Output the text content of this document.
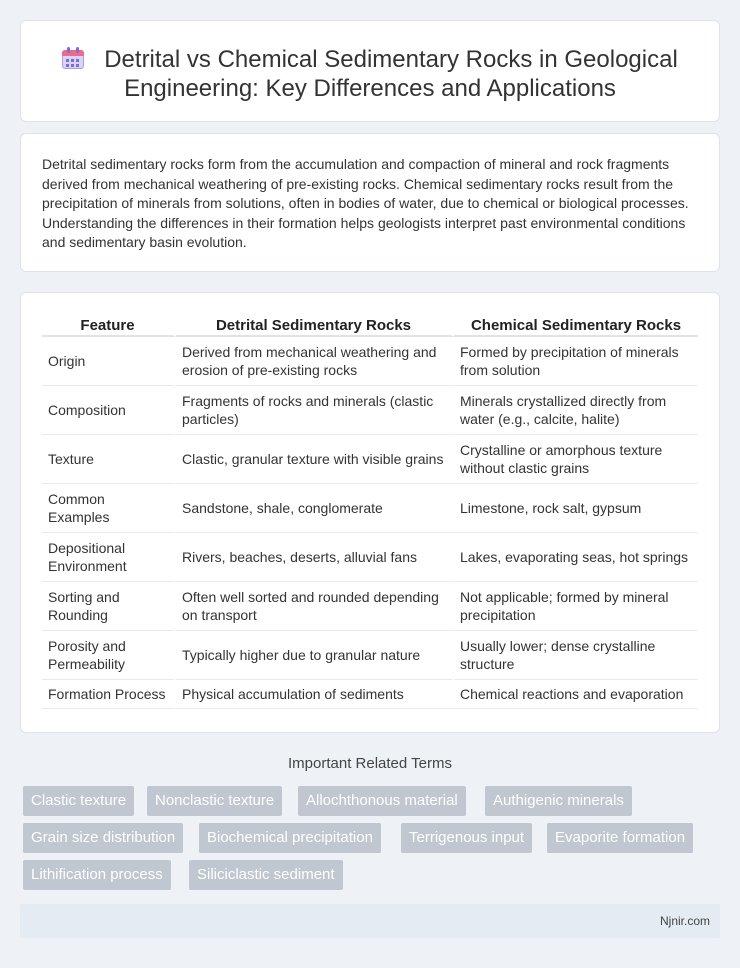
Detrital vs Chemical Sedimentary Rocks in Geological
Engineering: Key Differences and Applications

Detrital sedimentary rocks form from the accumulation and compaction of mineral and rock fragments derived from mechanical weathering of pre-existing rocks. Chemical sedimentary rocks result from the precipitation of minerals from solutions, often in bodies of water, due to chemical or biological processes. Understanding the differences in their formation helps geologists interpret past environmental conditions and sedimentary basin evolution.

Feature	Detrital Sedimentary Rocks	Chemical Sedimentary Rocks
Origin	Derived from mechanical weathering and erosion of pre-existing rocks	Formed by precipitation of minerals from solution
Composition	Fragments of rocks and minerals (clastic particles)	Minerals crystallized directly from water (e.g., calcite, halite)
Texture	Clastic, granular texture with visible grains	Crystalline or amorphous texture without clastic grains
Common Examples	Sandstone, shale, conglomerate	Limestone, rock salt, gypsum
Depositional Environment	Rivers, beaches, deserts, alluvial fans	Lakes, evaporating seas, hot springs
Sorting and Rounding	Often well sorted and rounded depending on transport	Not applicable; formed by mineral precipitation
Porosity and Permeability	Typically higher due to granular nature	Usually lower; dense crystalline structure
Formation Process	Physical accumulation of sediments	Chemical reactions and evaporation
Important Related Terms
Clastic texture	Nonclastic texture	Allochthonous material	Authigenic minerals
Grain size distribution	Biochemical precipitation	Terrigenous input	Evaporite formation
Lithification process	Siliciclastic sediment
Njnir.com
